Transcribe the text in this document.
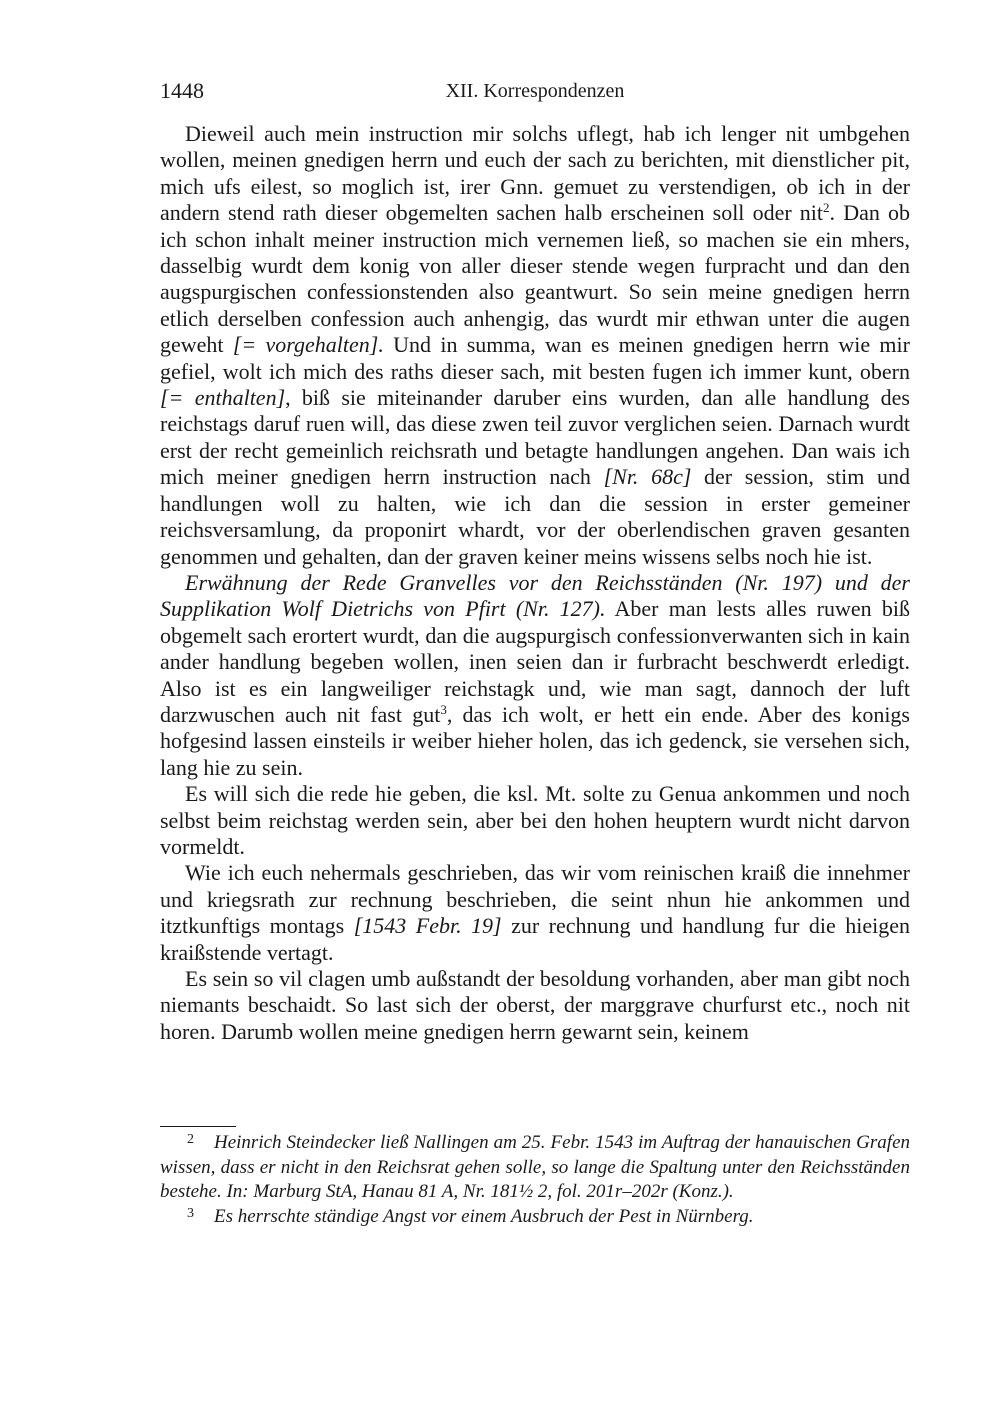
1448	XII. Korrespondenzen

Dieweil auch mein instruction mir solchs uflegt, hab ich lenger nit umbgehen wollen, meinen gnedigen herrn und euch der sach zu berichten, mit dienstlicher pit, mich ufs eilest, so moglich ist, irer Gnn. gemuet zu verstendigen, ob ich in der andern stend rath dieser obgemelten sachen halb erscheinen soll oder nit$^2$. Dan ob ich schon inhalt meiner instruction mich vernemen ließ, so machen sie ein mhers, dasselbig wurdt dem konig von aller dieser stende wegen furpracht und dan den augspurgischen confessionstenden also geantwurt. So sein meine gnedigen herrn etlich derselben confession auch anhengig, das wurdt mir ethwan unter die augen geweht [= vorgehalten]. Und in summa, wan es meinen gnedigen herrn wie mir gefiel, wolt ich mich des raths dieser sach, mit besten fugen ich immer kunt, obern [= enthalten], biß sie miteinander daruber eins wurden, dan alle handlung des reichstags daruf ruen will, das diese zwen teil zuvor verglichen seien. Darnach wurdt erst der recht gemeinlich reichsrath und betagte handlungen angehen. Dan wais ich mich meiner gnedigen herrn instruction nach [Nr. 68c] der session, stim und handlungen woll zu halten, wie ich dan die session in erster gemeiner reichsversamlung, da proponirt whardt, vor der oberlendischen graven gesanten genommen und gehalten, dan der graven keiner meins wissens selbs noch hie ist.

Erwähnung der Rede Granvelles vor den Reichsständen (Nr. 197) und der Supplikation Wolf Dietrichs von Pfirt (Nr. 127). Aber man lests alles ruwen biß obgemelt sach erortert wurdt, dan die augspurgisch confessionverwanten sich in kain ander handlung begeben wollen, inen seien dan ir furbracht beschwerdt erledigt. Also ist es ein langweiliger reichstagk und, wie man sagt, dannoch der luft darzwuschen auch nit fast gut$^3$, das ich wolt, er hett ein ende. Aber des konigs hofgesind lassen einsteils ir weiber hieher holen, das ich gedenck, sie versehen sich, lang hie zu sein.

Es will sich die rede hie geben, die ksl. Mt. solte zu Genua ankommen und noch selbst beim reichstag werden sein, aber bei den hohen heuptern wurdt nicht darvon vormeldt.

Wie ich euch nehermals geschrieben, das wir vom reinischen kraiß die innehmer und kriegsrath zur rechnung beschrieben, die seint nhun hie ankommen und itztkunftigs montags [1543 Febr. 19] zur rechnung und handlung fur die hieigen kraißstende vertagt.

Es sein so vil clagen umb außstandt der besoldung vorhanden, aber man gibt noch niemants beschaidt. So last sich der oberst, der marggrave churfurst etc., noch nit horen. Darumb wollen meine gnedigen herrn gewarnt sein, keinem

$^2$ Heinrich Steindecker ließ Nallingen am 25. Febr. 1543 im Auftrag der hanauischen Grafen wissen, dass er nicht in den Reichsrat gehen solle, so lange die Spaltung unter den Reichsständen bestehe. In: Marburg StA, Hanau 81 A, Nr. 181½ 2, fol. 201r–202r (Konz.).

$^3$ Es herrschte ständige Angst vor einem Ausbruch der Pest in Nürnberg.
